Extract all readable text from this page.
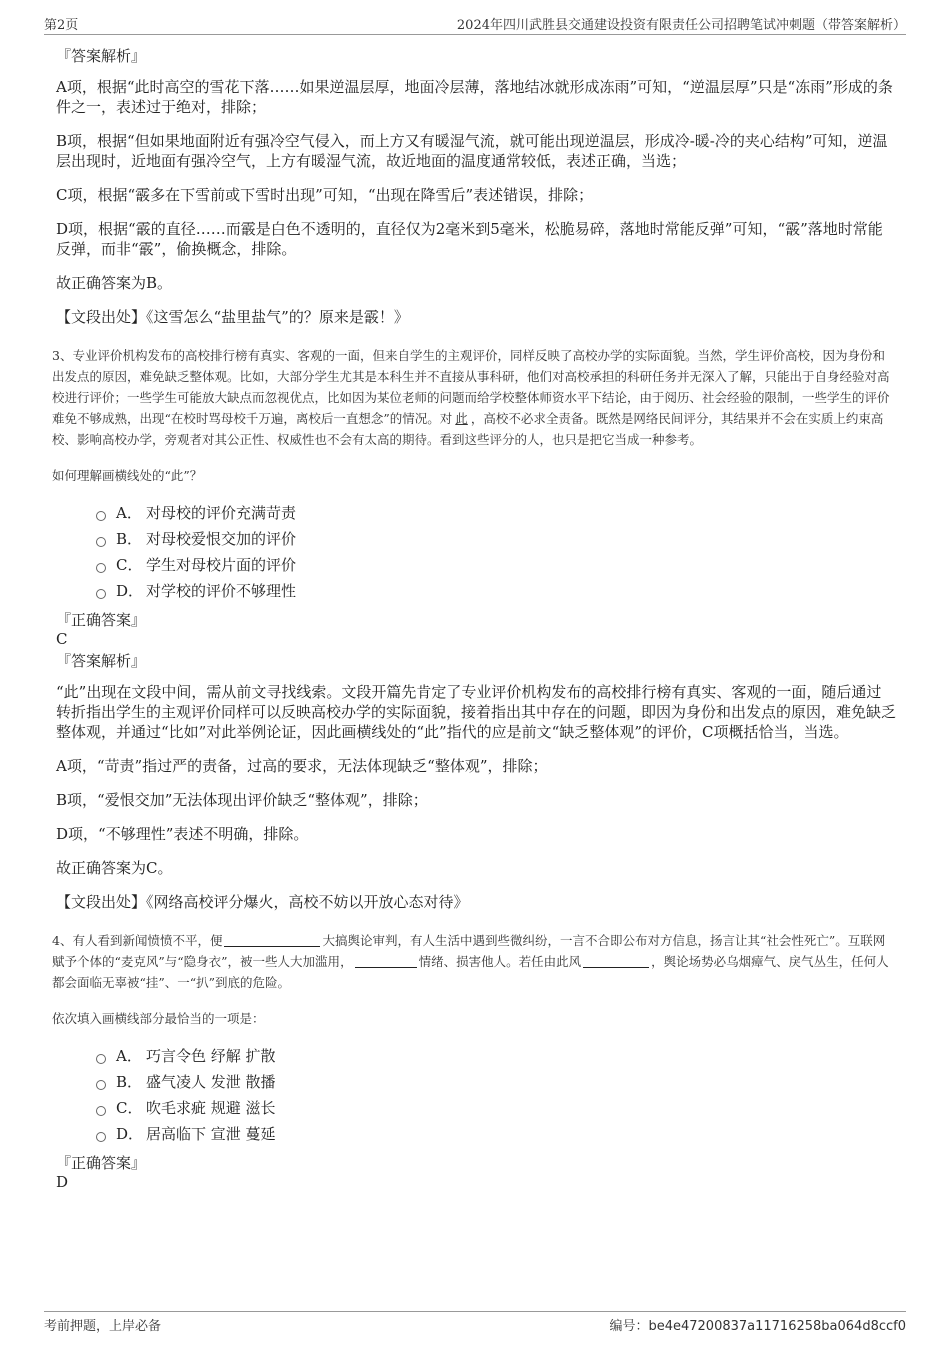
第2页	2024年四川武胜县交通建设投资有限责任公司招聘笔试冲刺题（带答案解析）
『答案解析』
A项，根据“此时高空的雪花下落……如果逆温层厚，地面冷层薄，落地结冰就形成冻雨”可知，“逆温层厚”只是“冻雨”形成的条件之一，表述过于绝对，排除；
B项，根据“但如果地面附近有强冷空气侵入，而上方又有暖湿气流，就可能出现逆温层，形成冷-暖-冷的夹心结构”可知，逆温层出现时，近地面有强冷空气，上方有暖湿气流，故近地面的温度通常较低，表述正确，当选；
C项，根据“霰多在下雪前或下雪时出现”可知，“出现在降雪后”表述错误，排除；
D项，根据“霰的直径……而霰是白色不透明的，直径仅为2毫米到5毫米，松脆易碎，落地时常能反弹”可知，“霰”落地时常能反弹，而非“霰”，偷换概念，排除。
故正确答案为B。
【文段出处】《这雪怎么“盐里盐气”的？原来是霰！》
3、专业评价机构发布的高校排行榜有真实、客观的一面，但来自学生的主观评价，同样反映了高校办学的实际面貌。当然，学生评价高校，因为身份和出发点的原因，难免缺乏整体观。比如，大部分学生尤其是本科生并不直接从事科研，他们对高校承担的科研任务并无深入了解，只能出于自身经验对高校进行评价；一些学生可能放大缺点而忽视优点，比如因为某位老师的问题而给学校整体师资水平下结论，由于阅历、社会经验的限制，一些学生的评价难免不够成熟，出现“在校时骂母校千万遍，离校后一直想念”的情况。对 此 ，高校不必求全责备。既然是网络民间评分，其结果并不会在实质上约束高校、影响高校办学，旁观者对其公正性、权威性也不会有太高的期待。看到这些评分的人，也只是把它当成一种参考。
如何理解画横线处的“此”？
A． 对母校的评价充满苛责
B． 对母校爱恨交加的评价
C． 学生对母校片面的评价
D． 对学校的评价不够理性
『正确答案』
C
『答案解析』
“此”出现在文段中间，需从前文寻找线索。文段开篇先肯定了专业评价机构发布的高校排行榜有真实、客观的一面，随后通过转折指出学生的主观评价同样可以反映高校办学的实际面貌，接着指出其中存在的问题，即因为身份和出发点的原因，难免缺乏整体观，并通过“比如”对此举例论证，因此画横线处的“此”指代的应是前文“缺乏整体观”的评价，C项概括恰当，当选。
A项，“苛责”指过严的责备，过高的要求，无法体现缺乏“整体观”，排除；
B项，“爱恨交加”无法体现出评价缺乏“整体观”，排除；
D项，“不够理性”表述不明确，排除。
故正确答案为C。
【文段出处】《网络高校评分爆火，高校不妨以开放心态对待》
4、有人看到新闻愤愤不平，便	大搞舆论审判，有人生活中遇到些微纠纷，一言不合即公布对方信息，扬言让其“社会性死亡”。互联网赋予个体的“麦克风”与“隐身衣”，被一些人大加滥用，	情绪、损害他人。若任由此风	，舆论场势必乌烟瘴气、戾气丛生，任何人都会面临无辜被“挂”、一“扒”到底的危险。
依次填入画横线部分最恰当的一项是：
A． 巧言令色 纾解 扩散
B． 盛气凌人 发泄 散播
C． 吹毛求疵 规避 滋长
D． 居高临下 宣泄 蔓延
『正确答案』
D
考前押题，上岸必备	编号：be4e47200837a11716258ba064d8ccf0
